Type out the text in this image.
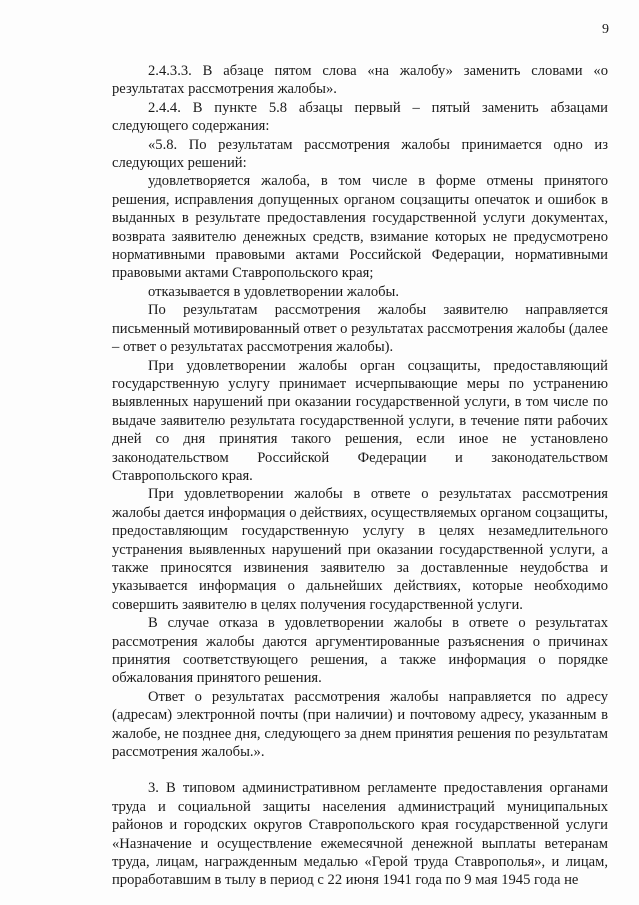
9

2.4.3.3. В абзаце пятом слова «на жалобу» заменить словами «о результатах рассмотрения жалобы».

2.4.4. В пункте 5.8 абзацы первый – пятый заменить абзацами следующего содержания:

«5.8. По результатам рассмотрения жалобы принимается одно из следующих решений:

удовлетворяется жалоба, в том числе в форме отмены принятого решения, исправления допущенных органом соцзащиты опечаток и ошибок в выданных в результате предоставления государственной услуги документах, возврата заявителю денежных средств, взимание которых не предусмотрено нормативными правовыми актами Российской Федерации, нормативными правовыми актами Ставропольского края;

отказывается в удовлетворении жалобы.

По результатам рассмотрения жалобы заявителю направляется письменный мотивированный ответ о результатах рассмотрения жалобы (далее – ответ о результатах рассмотрения жалобы).

При удовлетворении жалобы орган соцзащиты, предоставляющий государственную услугу принимает исчерпывающие меры по устранению выявленных нарушений при оказании государственной услуги, в том числе по выдаче заявителю результата государственной услуги, в течение пяти рабочих дней со дня принятия такого решения, если иное не установлено законодательством Российской Федерации и законодательством Ставропольского края.

При удовлетворении жалобы в ответе о результатах рассмотрения жалобы дается информация о действиях, осуществляемых органом соцзащиты, предоставляющим государственную услугу в целях незамедлительного устранения выявленных нарушений при оказании государственной услуги, а также приносятся извинения заявителю за доставленные неудобства и указывается информация о дальнейших действиях, которые необходимо совершить заявителю в целях получения государственной услуги.

В случае отказа в удовлетворении жалобы в ответе о результатах рассмотрения жалобы даются аргументированные разъяснения о причинах принятия соответствующего решения, а также информация о порядке обжалования принятого решения.

Ответ о результатах рассмотрения жалобы направляется по адресу (адресам) электронной почты (при наличии) и почтовому адресу, указанным в жалобе, не позднее дня, следующего за днем принятия решения по результатам рассмотрения жалобы.».

3. В типовом административном регламенте предоставления органами труда и социальной защиты населения администраций муниципальных районов и городских округов Ставропольского края государственной услуги «Назначение и осуществление ежемесячной денежной выплаты ветеранам труда, лицам, награжденным медалью «Герой труда Ставрополья», и лицам, проработавшим в тылу в период с 22 июня 1941 года по 9 мая 1945 года не
